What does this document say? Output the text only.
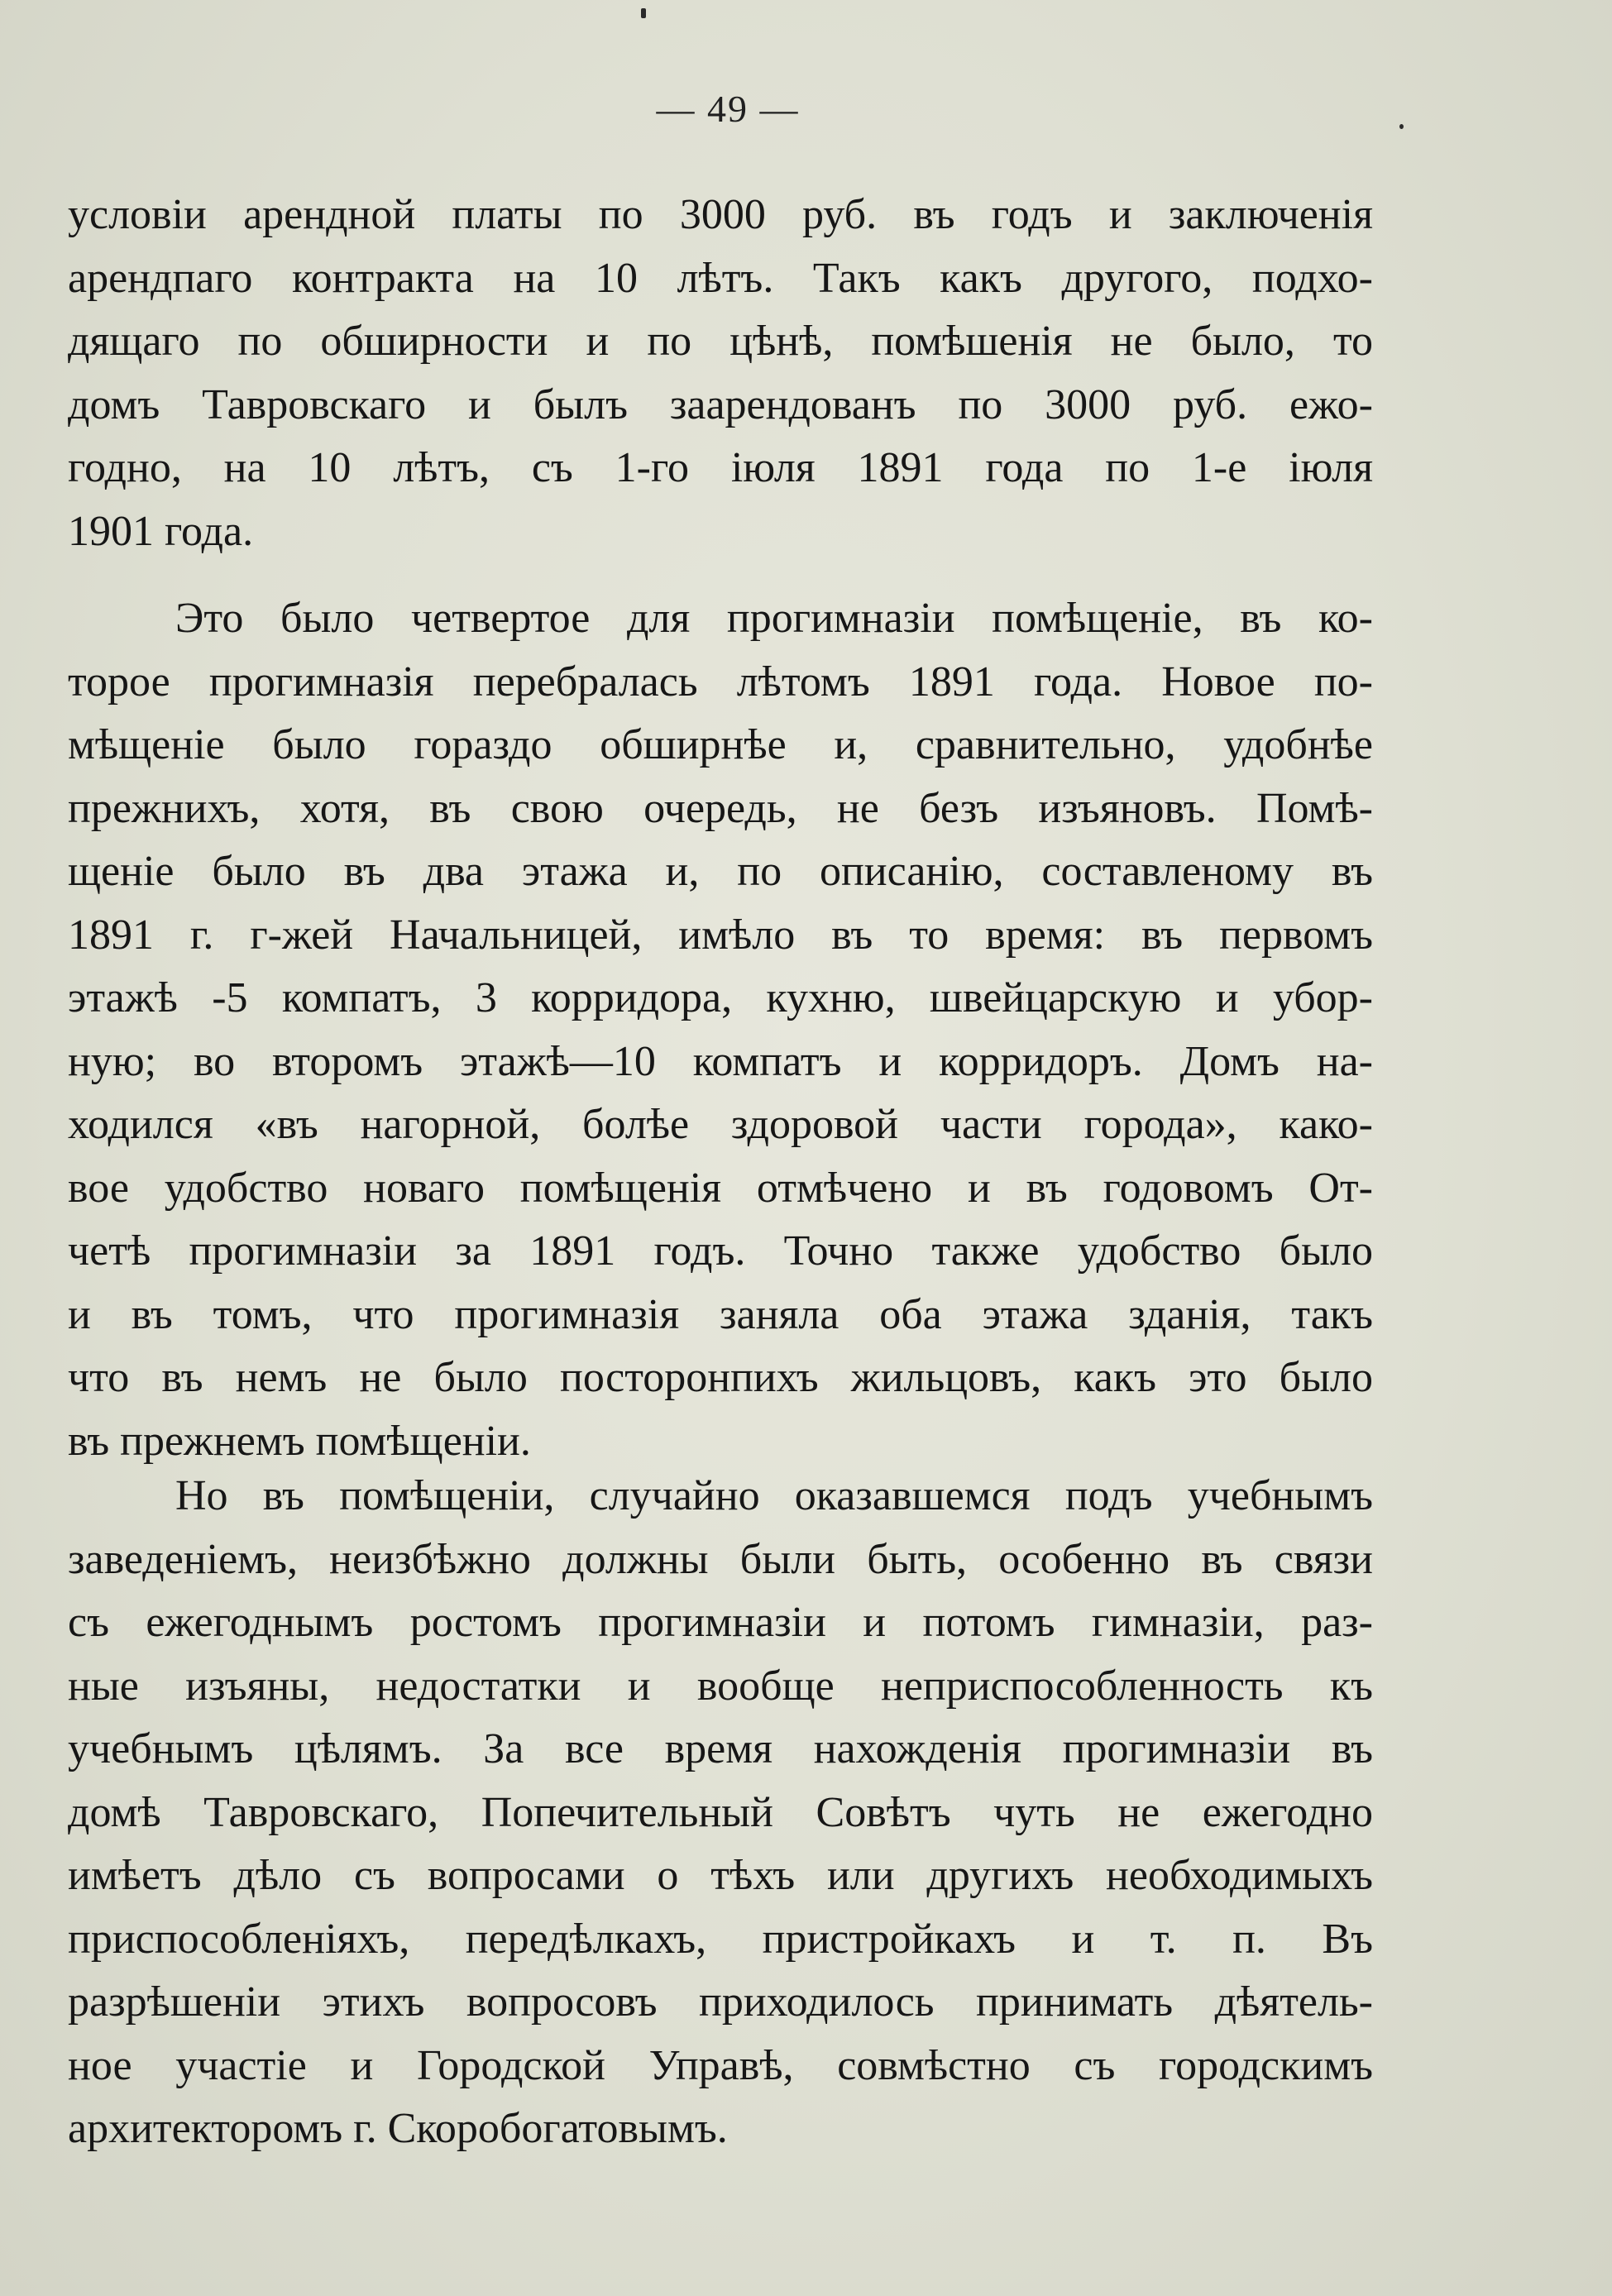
— 49 —
условіи арендной платы по 3000 руб. въ годъ и заключенія
арендпаго контракта на 10 лѣтъ. Такъ какъ другого, подхо-
дящаго по обширности и по цѣнѣ, помѣшенія не было, то
домъ Тавровскаго и былъ заарендованъ по 3000 руб. ежо-
годно, на 10 лѣтъ, съ 1-го іюля 1891 года по 1-е іюля
1901 года.
Это было четвертое для прогимназіи помѣщеніе, въ ко-
торое прогимназія перебралась лѣтомъ 1891 года. Новое по-
мѣщеніе было гораздо обширнѣе и, сравнительно, удобнѣе
прежнихъ, хотя, въ свою очередь, не безъ изъяновъ. Помѣ-
щеніе было въ два этажа и, по описанію, составленому въ
1891 г. г-жей Начальницей, имѣло въ то время: въ первомъ
этажѣ -5 компатъ, 3 корридора, кухню, швейцарскую и убор-
ную; во второмъ этажѣ—10 компатъ и корридоръ. Домъ на-
ходился «въ нагорной, болѣе здоровой части города», како-
вое удобство новаго помѣщенія отмѣчено и въ годовомъ От-
четѣ прогимназіи за 1891 годъ. Точно также удобство было
и въ томъ, что прогимназія заняла оба этажа зданія, такъ
что въ немъ не было посторонпихъ жильцовъ, какъ это было
въ прежнемъ помѣщеніи.
Но въ помѣщеніи, случайно оказавшемся подъ учебнымъ
заведеніемъ, неизбѣжно должны были быть, особенно въ связи
съ ежегоднымъ ростомъ прогимназіи и потомъ гимназіи, раз-
ные изъяны, недостатки и вообще неприспособленность къ
учебнымъ цѣлямъ. За все время нахожденія прогимназіи въ
домѣ Тавровскаго, Попечительный Совѣтъ чуть не ежегодно
имѣетъ дѣло съ вопросами о тѣхъ или другихъ необходимыхъ
приспособленіяхъ, передѣлкахъ, пристройкахъ и т. п. Въ
разрѣшеніи этихъ вопросовъ приходилось принимать дѣятель-
ное участіе и Городской Управѣ, совмѣстно съ городскимъ
архитекторомъ г. Скоробогатовымъ.
